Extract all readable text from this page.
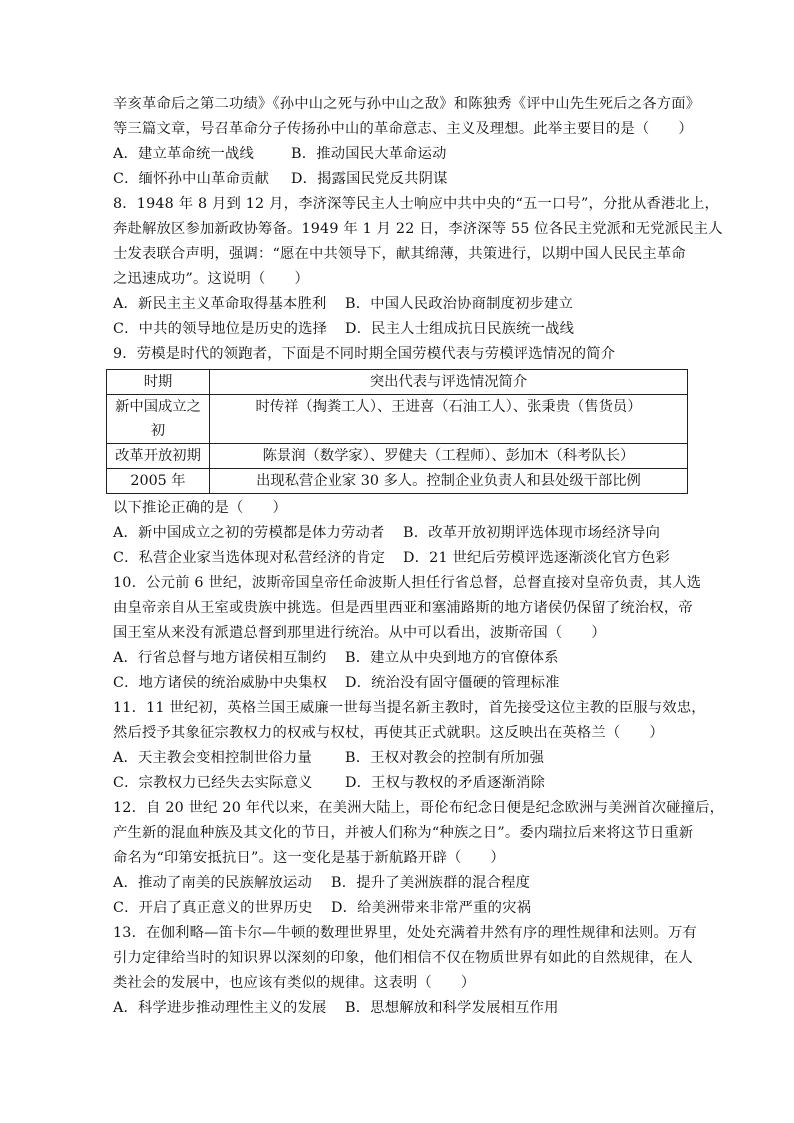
辛亥革命后之第二功绩》《孙中山之死与孙中山之敌》和陈独秀《评中山先生死后之各方面》
等三篇文章，号召革命分子传扬孙中山的革命意志、主义及理想。此举主要目的是（　　）
A．建立革命统一战线	B．推动国民大革命运动
C．缅怀孙中山革命贡献 D．揭露国民党反共阴谋
8．1948 年 8 月到 12 月，李济深等民主人士响应中共中央的“五一口号”，分批从香港北上，
奔赴解放区参加新政协筹备。1949 年 1 月 22 日，李济深等 55 位各民主党派和无党派民主人
士发表联合声明，强调：“愿在中共领导下，献其绵薄，共策进行，以期中国人民民主革命
之迅速成功”。这说明（　　）
A．新民主主义革命取得基本胜利 B．中国人民政治协商制度初步建立
C．中共的领导地位是历史的选择 D．民主人士组成抗日民族统一战线
9．劳模是时代的领跑者，下面是不同时期全国劳模代表与劳模评选情况的简介
时期	突出代表与评选情况简介

新中国成立之
初	时传祥（掏粪工人）、王进喜（石油工人）、张秉贵（售货员）
改革开放初期	陈景润（数学家）、罗健夫（工程师）、彭加木（科考队长）
2005 年	出现私营企业家 30 多人。控制企业负责人和县处级干部比例
以下推论正确的是（　　）
A．新中国成立之初的劳模都是体力劳动者 B．改革开放初期评选体现市场经济导向
C．私营企业家当选体现对私营经济的肯定 D．21 世纪后劳模评选逐渐淡化官方色彩
10．公元前 6 世纪，波斯帝国皇帝任命波斯人担任行省总督，总督直接对皇帝负责，其人选
由皇帝亲自从王室或贵族中挑选。但是西里西亚和塞浦路斯的地方诸侯仍保留了统治权，帝
国王室从来没有派遣总督到那里进行统治。从中可以看出，波斯帝国（　　）
A．行省总督与地方诸侯相互制约 B．建立从中央到地方的官僚体系
C．地方诸侯的统治威胁中央集权 D．统治没有固守僵硬的管理标准
11．11 世纪初，英格兰国王威廉一世每当提名新主教时，首先接受这位主教的臣服与效忠，
然后授予其象征宗教权力的权戒与权杖，再使其正式就职。这反映出在英格兰（　　）
A．天主教会变相控制世俗力量 B．王权对教会的控制有所加强
C．宗教权力已经失去实际意义 D．王权与教权的矛盾逐渐消除
12．自 20 世纪 20 年代以来，在美洲大陆上，哥伦布纪念日便是纪念欧洲与美洲首次碰撞后，
产生新的混血种族及其文化的节日，并被人们称为“种族之日”。委内瑞拉后来将这节日重新
命名为“印第安抵抗日”。这一变化是基于新航路开辟（　　）
A．推动了南美的民族解放运动 B．提升了美洲族群的混合程度
C．开启了真正意义的世界历史 D．给美洲带来非常严重的灾祸
13．在伽利略—笛卡尔—牛顿的数理世界里，处处充满着井然有序的理性规律和法则。万有
引力定律给当时的知识界以深刻的印象，他们相信不仅在物质世界有如此的自然规律，在人
类社会的发展中，也应该有类似的规律。这表明（　　）
A．科学进步推动理性主义的发展 B．思想解放和科学发展相互作用
